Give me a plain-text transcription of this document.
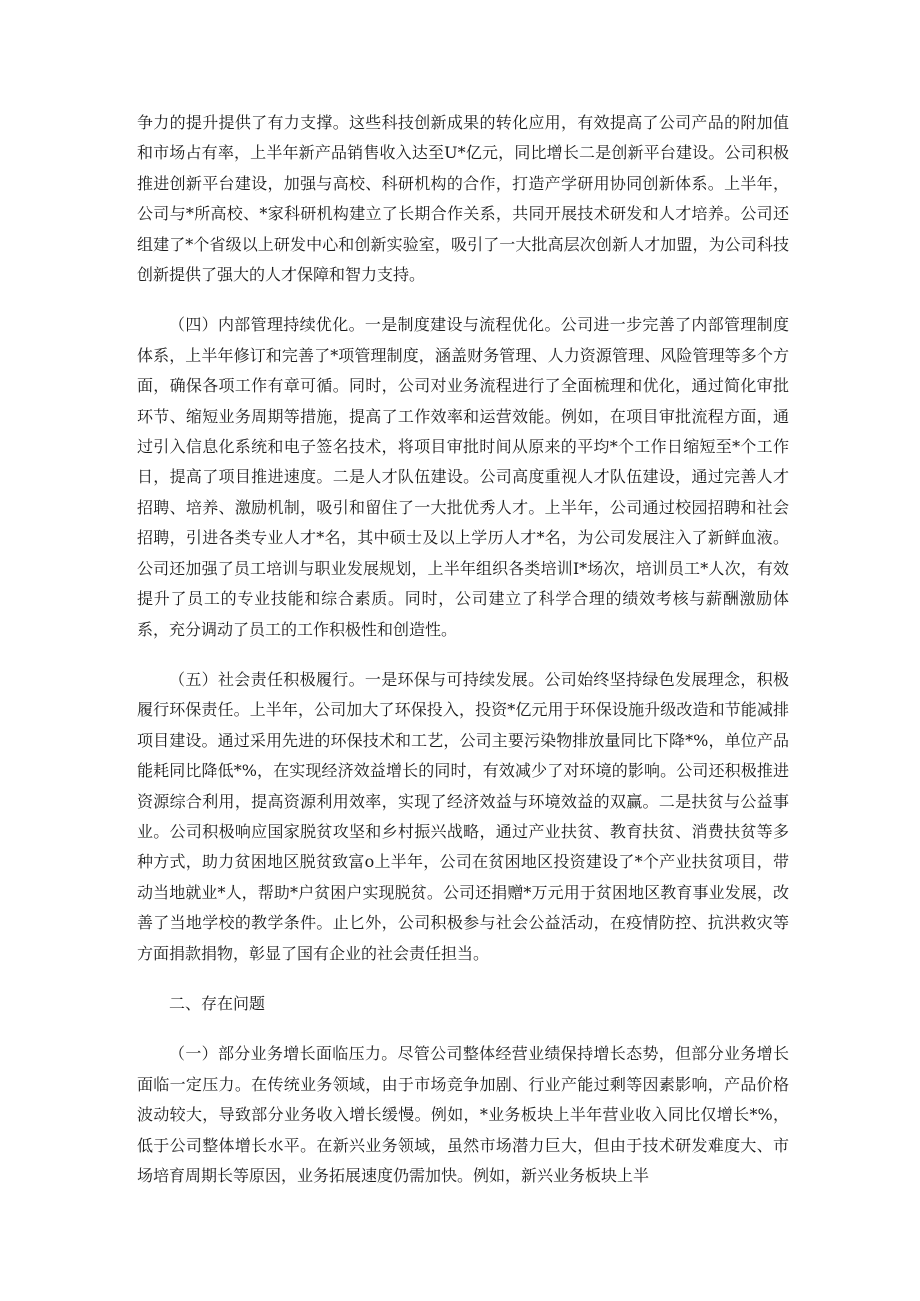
争力的提升提供了有力支撑。这些科技创新成果的转化应用，有效提高了公司产品的附加值和市场占有率，上半年新产品销售收入达至U*亿元，同比增长二是创新平台建设。公司积极推进创新平台建设，加强与高校、科研机构的合作，打造产学研用协同创新体系。上半年，公司与*所高校、*家科研机构建立了长期合作关系，共同开展技术研发和人才培养。公司还组建了*个省级以上研发中心和创新实验室，吸引了一大批高层次创新人才加盟，为公司科技创新提供了强大的人才保障和智力支持。

（四）内部管理持续优化。一是制度建设与流程优化。公司进一步完善了内部管理制度体系，上半年修订和完善了*项管理制度，涵盖财务管理、人力资源管理、风险管理等多个方面，确保各项工作有章可循。同时，公司对业务流程进行了全面梳理和优化，通过简化审批环节、缩短业务周期等措施，提高了工作效率和运营效能。例如，在项目审批流程方面，通过引入信息化系统和电子签名技术，将项目审批时间从原来的平均*个工作日缩短至*个工作日，提高了项目推进速度。二是人才队伍建设。公司高度重视人才队伍建设，通过完善人才招聘、培养、激励机制，吸引和留住了一大批优秀人才。上半年，公司通过校园招聘和社会招聘，引进各类专业人才*名，其中硕士及以上学历人才*名，为公司发展注入了新鲜血液。公司还加强了员工培训与职业发展规划，上半年组织各类培训I*场次，培训员工*人次，有效提升了员工的专业技能和综合素质。同时，公司建立了科学合理的绩效考核与薪酬激励体系，充分调动了员工的工作积极性和创造性。

（五）社会责任积极履行。一是环保与可持续发展。公司始终坚持绿色发展理念，积极履行环保责任。上半年，公司加大了环保投入，投资*亿元用于环保设施升级改造和节能减排项目建设。通过采用先进的环保技术和工艺，公司主要污染物排放量同比下降*%，单位产品能耗同比降低*%，在实现经济效益增长的同时，有效减少了对环境的影响。公司还积极推进资源综合利用，提高资源利用效率，实现了经济效益与环境效益的双赢。二是扶贫与公益事业。公司积极响应国家脱贫攻坚和乡村振兴战略，通过产业扶贫、教育扶贫、消费扶贫等多种方式，助力贫困地区脱贫致富o上半年，公司在贫困地区投资建设了*个产业扶贫项目，带动当地就业*人，帮助*户贫困户实现脱贫。公司还捐赠*万元用于贫困地区教育事业发展，改善了当地学校的教学条件。止匕外，公司积极参与社会公益活动，在疫情防控、抗洪救灾等方面捐款捐物，彰显了国有企业的社会责任担当。

二、存在问题

（一）部分业务增长面临压力。尽管公司整体经营业绩保持增长态势，但部分业务增长面临一定压力。在传统业务领域，由于市场竞争加剧、行业产能过剩等因素影响，产品价格波动较大，导致部分业务收入增长缓慢。例如，*业务板块上半年营业收入同比仅增长*%，低于公司整体增长水平。在新兴业务领域，虽然市场潜力巨大，但由于技术研发难度大、市场培育周期长等原因，业务拓展速度仍需加快。例如，新兴业务板块上半
